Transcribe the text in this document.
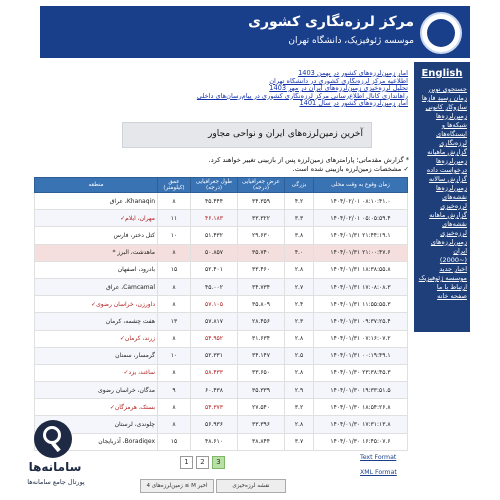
مرکز لرزه‌نگاری کشوری
موسسه ژئوفیزیک، دانشگاه تهران
English
جستجوی نوین
زمان رسیدِ فازها
سازوکار کانونی
زمین‌لرزه‌ها
شبکه‌ها و ایستگاه‌های لرزه‌نگاری
گزارش ماهیانه
زمین‌لرزه‌ها
درخواست داده
گزارش سالانه
زمین‌لرزه‌ها
نقشه‌های لرزه‌خیزی
گزارش ماهانه
نقشه‌های لرزه‌خیزی
زمین‌لرزه‌های ایران
(~2000)
اخبار جدید
موسسه ژئوفیزیک
ارتباط با ما
صفحه خانه
آمار زمین‌لرزه‌های کشور در بهمن 1403
اطلاعیه مرکز لرزه‌نگاری کشوری در دانشگاه تهران
تحلیل لرزه‌خیزی زمین‌لرزه‌های ایران در مهر 1403
راهاندازی کانال اطلاع‌رسانی مرکز لرزه‌نگاری کشوری در پیام‌رسان‌های داخلی
آمار زمین‌لرزه‌های کشور در سال 1401
آخرین زمین‌لرزه‌های ایران و نواحی مجاور
* گزارش مقدماتی؛ پارامترهای زمین‌لرزه پس از بازبینی تغییر خواهند کرد.
✓ مشخصات زمین‌لرزه بازبینی شده است.
منطقه	عمق (کیلومتر)	طول جغرافیایی (درجه)	عرض جغرافیایی (درجه)	بزرگی	زمان وقوع به وقت محلی
Khanaqin، عراق	۸	۴۵.۴۴۴	۳۴.۳۵۹	۴.۲	۱۴۰۴/۰۲/۰۱ ۰۸:۱۰:۴۱.۰
مهران، ایلام✓	۱۱	۴۶.۱۸۳	۳۳.۳۲۲	۳.۳	۱۴۰۴/۰۲/۰۱ ۰۵:۰۵:۵۹.۴
کتل دختر، فارس	۱۰	۵۱.۴۳۲	۲۹.۶۳۰	۳.۸	۱۴۰۴/۰۱/۳۱ ۲۱:۴۴:۱۹.۱
ماهدشت، البرز *	۸	۵۰.۸۵۷	۳۵.۷۴۰	۴.۰	۱۴۰۴/۰۱/۳۱ ۲۱:۰۰:۴۷.۶
بادرود، اصفهان	۱۵	۵۲.۴۰۱	۳۳.۴۶۰	۲.۸	۱۴۰۴/۰۱/۳۱ ۱۸:۳۸:۵۵.۸
Camcamal، عراق	۸	۴۵.۰۰۲	۳۴.۷۳۴	۲.۷	۱۴۰۴/۰۱/۳۱ ۱۷:۰۸:۰۸.۳
داورزن، خراسان رضوی✓	۸	۵۷.۱۰۵	۳۵.۸۰۹	۲.۴	۱۴۰۴/۰۱/۳۱ ۱۱:۵۵:۵۵.۳
هفت چشمه، کرمان	۱۳	۵۷.۸۱۷	۲۸.۴۵۶	۲.۳	۱۴۰۴/۰۱/۳۱ ۰۹:۳۷:۲۵.۴
زرند، کرمان✓	۸	۵۴.۹۵۲	۳۱.۶۳۴	۲.۸	۱۴۰۴/۰۱/۳۱ ۰۷:۱۶:۰۷.۲
گرمسار، سمنان	۱۰	۵۲.۳۳۱	۳۴.۱۴۷	۲.۵	۱۴۰۴/۰۱/۳۱ ۰۰:۱۹:۴۹.۱
ساغند، یزد✓	۸	۵۸.۴۳۳	۳۳.۶۵۰	۲.۸	۱۴۰۴/۰۱/۳۰ ۲۳:۳۸:۴۵.۳
مدگان، خراسان رضوی	۹	۶۰.۴۳۸	۳۵.۳۳۹	۲.۹	۱۴۰۴/۰۱/۳۰ ۱۹:۳۳:۵۱.۵
بستک، هرمزگان✓	۸	۵۴.۳۷۳	۲۷.۵۴۰	۳.۲	۱۴۰۴/۰۱/۳۰ ۱۸:۵۴:۲۶.۸
چلوندی، لرستان	۸	۵۶.۹۳۶	۳۳.۳۹۶	۲.۸	۱۴۰۴/۰۱/۳۰ ۱۷:۳۱:۱۳.۸
Boradiqex، آذربایجان	۱۵	۴۸.۶۱۰	۳۸.۸۴۴	۳.۷	۱۴۰۴/۰۱/۳۰ ۱۶:۴۵:۰۷.۶
1	2	3
Text Format
XML Format
نقشه لرزه‌خیزی
زمین‌لرزه‌های 4 ≤ M اخیر
سامانه‌ها
پورتال جامع سامانه‌ها
